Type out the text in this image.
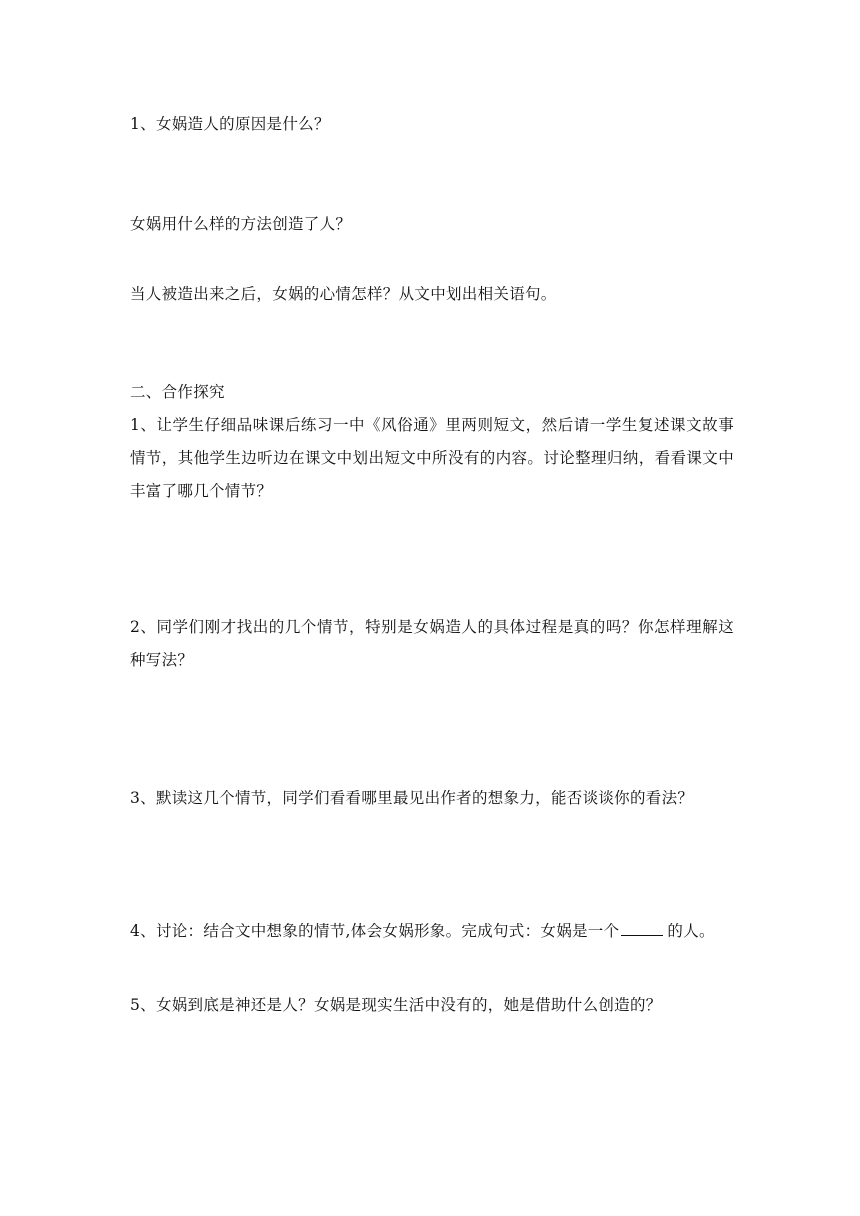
1、女娲造人的原因是什么？
女娲用什么样的方法创造了人？
当人被造出来之后，女娲的心情怎样？从文中划出相关语句。
二、合作探究
1、让学生仔细品味课后练习一中《风俗通》里两则短文，然后请一学生复述课文故事情节，其他学生边听边在课文中划出短文中所没有的内容。讨论整理归纳，看看课文中丰富了哪几个情节？
2、同学们刚才找出的几个情节，特别是女娲造人的具体过程是真的吗？你怎样理解这种写法？
3、默读这几个情节，同学们看看哪里最见出作者的想象力，能否谈谈你的看法？
4、讨论：结合文中想象的情节,体会女娲形象。完成句式：女娲是一个	的人。
5、女娲到底是神还是人？女娲是现实生活中没有的，她是借助什么创造的？
